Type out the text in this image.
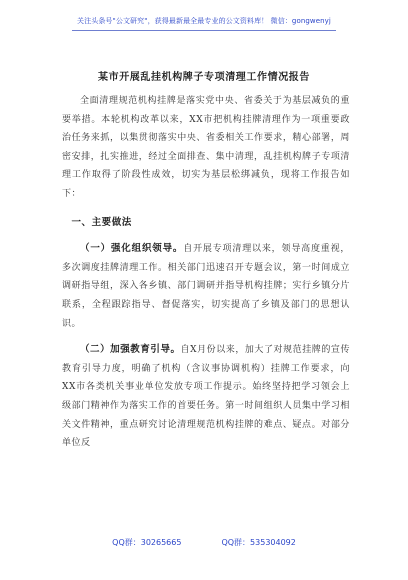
关注头条号"公文研究"，获得最新最全最专业的公文资料库！ 微信：gongwenyj
某市开展乱挂机构牌子专项清理工作情况报告

全面清理规范机构挂牌是落实党中央、省委关于为基层减负的重要举措。本轮机构改革以来，XX市把机构挂牌清理作为一项重要政治任务来抓，以集贯彻落实中央、省委相关工作要求，精心部署，周密安排，扎实推进，经过全面排查、集中清理，乱挂机构牌子专项清理工作取得了阶段性成效，切实为基层松绑减负，现将工作报告如下：

一、主要做法

（一）强化组织领导。自开展专项清理以来，领导高度重视，多次调度挂牌清理工作。相关部门迅速召开专题会议，第一时间成立调研指导组，深入各乡镇、部门调研并指导机构挂牌；实行乡镇分片联系，全程跟踪指导、督促落实，切实提高了乡镇及部门的思想认识。

（二）加强教育引导。自X月份以来，加大了对规范挂牌的宣传教育引导力度，明确了机构（含议事协调机构）挂牌工作要求，向XX市各类机关事业单位发放专项工作提示。始终坚持把学习领会上级部门精神作为落实工作的首要任务。第一时间组织人员集中学习相关文件精神，重点研究讨论清理规范机构挂牌的难点、疑点。对部分单位反

QQ群：30265665	QQ群：535304092
